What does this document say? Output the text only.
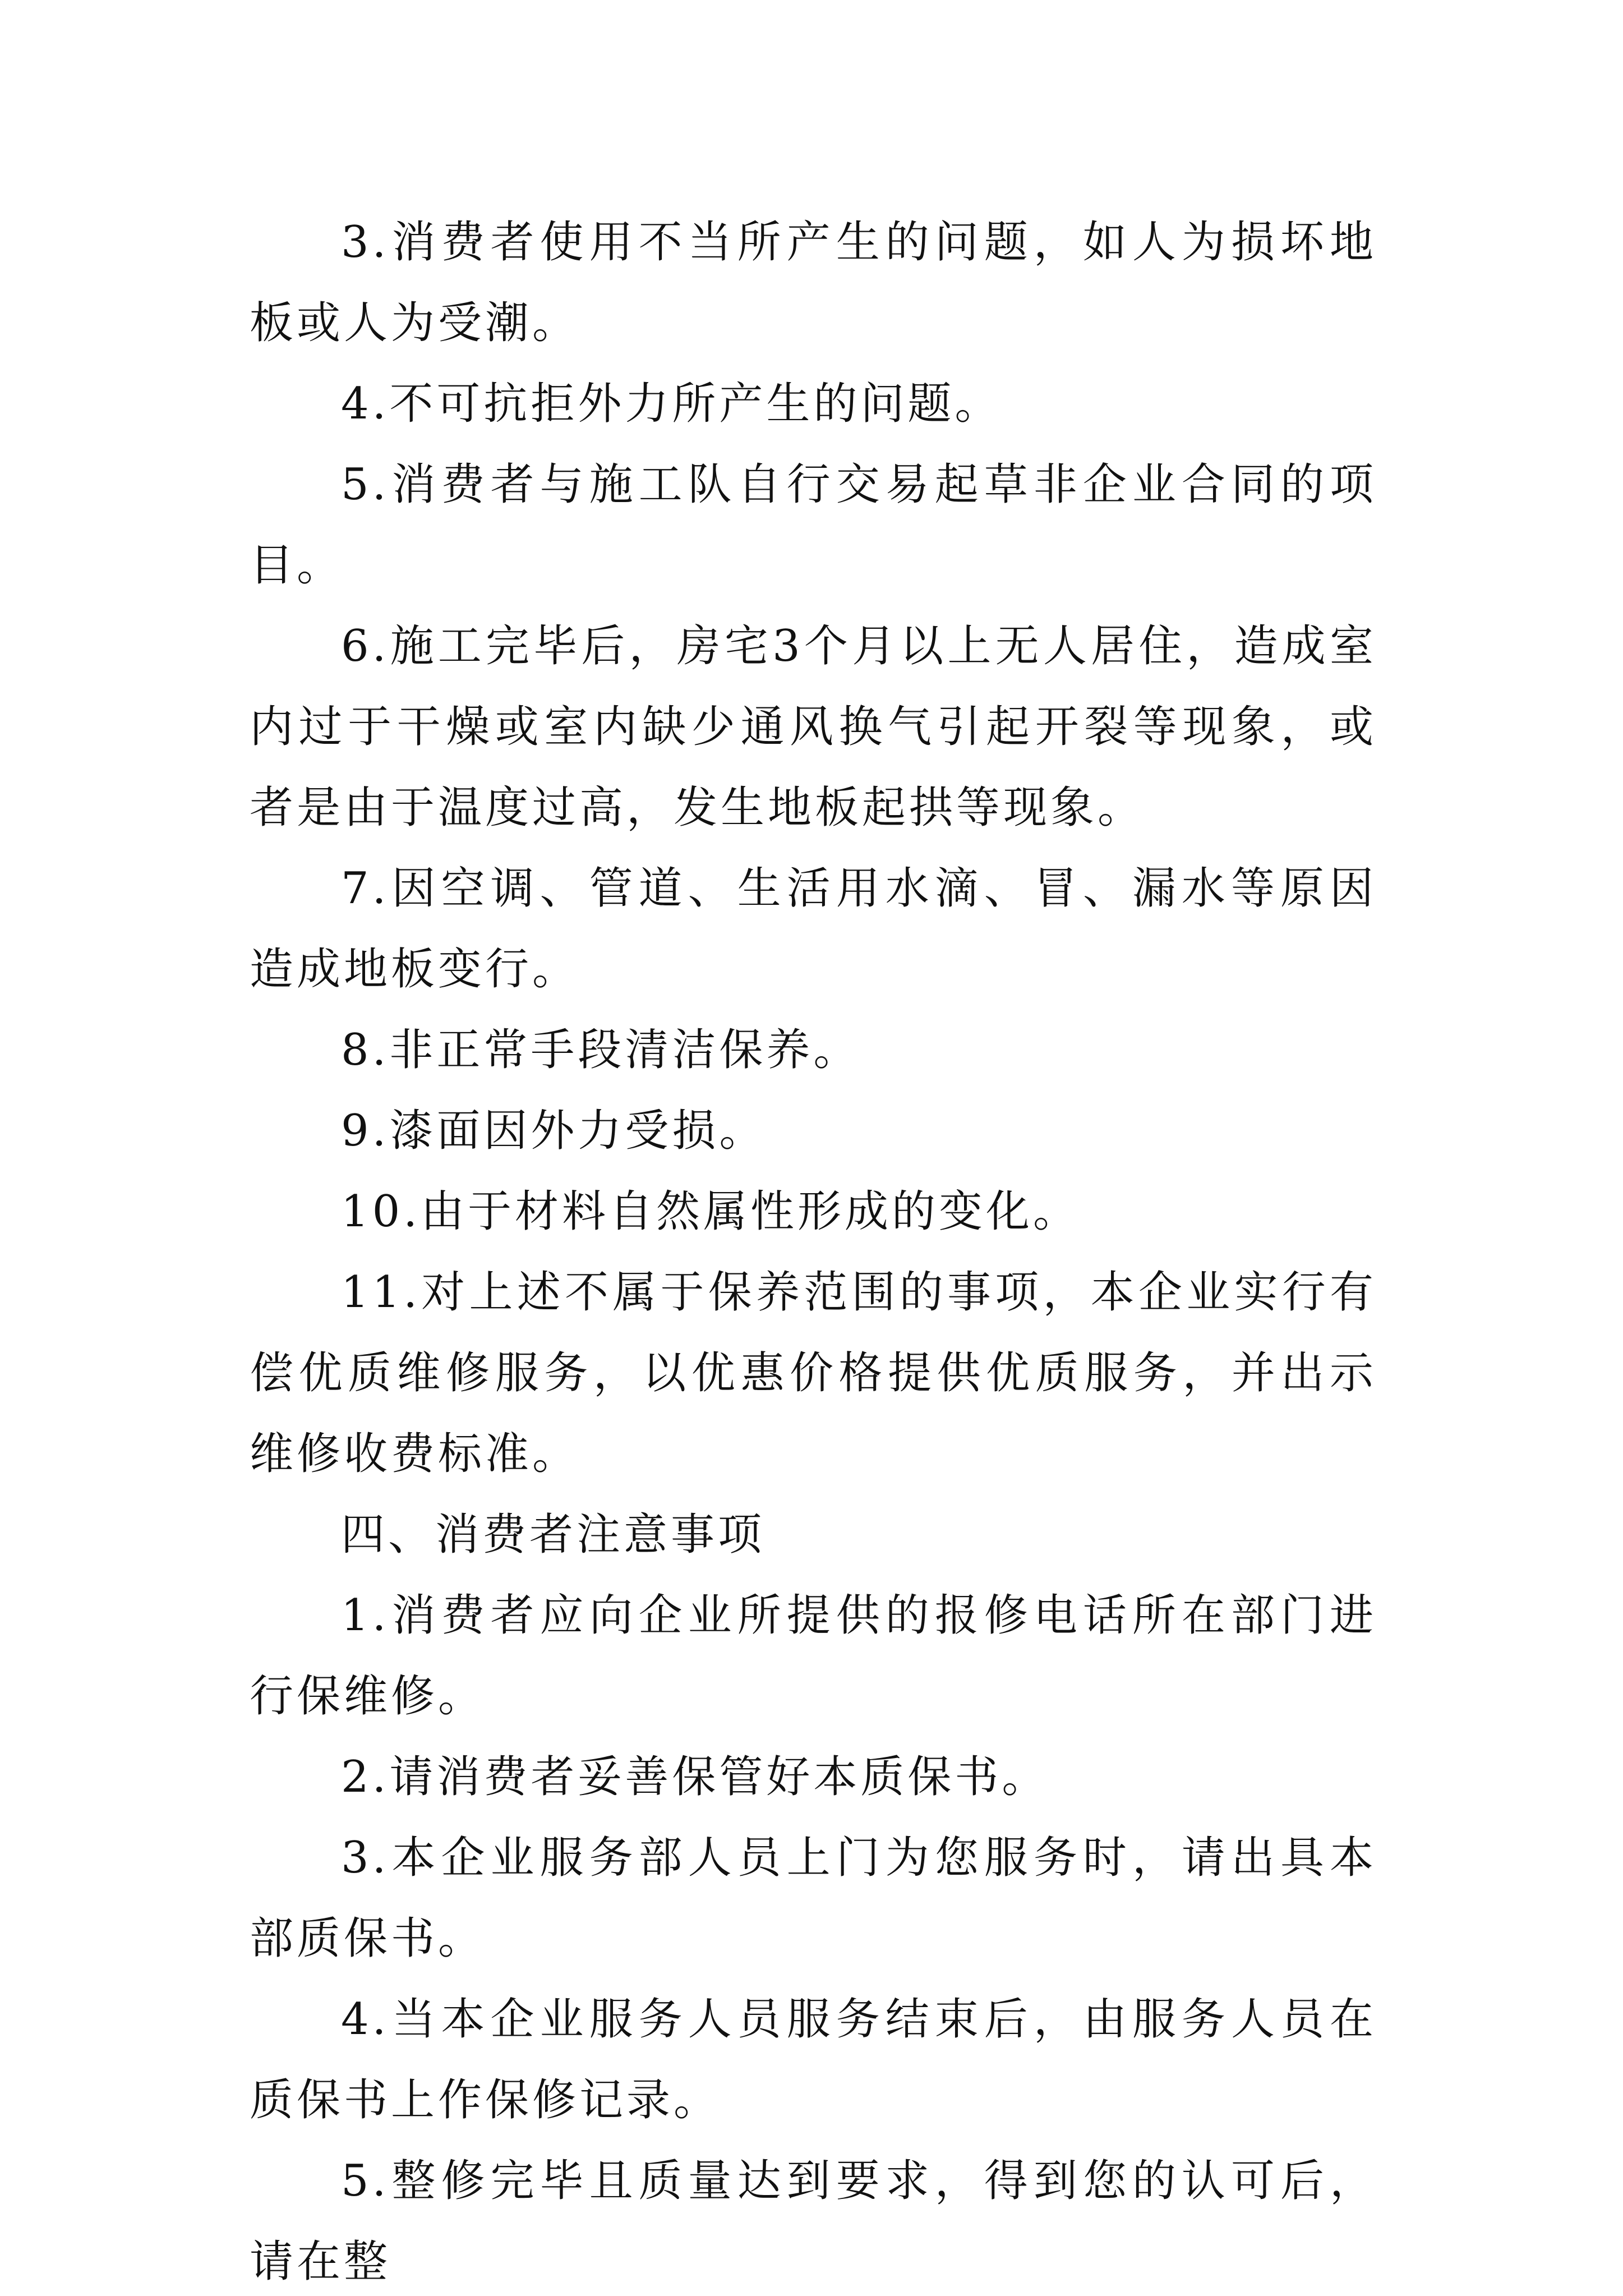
3.消费者使用不当所产生的问题，如人为损坏地板或人为受潮。

4.不可抗拒外力所产生的问题。

5.消费者与施工队自行交易起草非企业合同的项目。

6.施工完毕后，房宅3个月以上无人居住，造成室内过于干燥或室内缺少通风换气引起开裂等现象，或者是由于温度过高，发生地板起拱等现象。

7.因空调、管道、生活用水滴、冒、漏水等原因造成地板变行。

8.非正常手段清洁保养。

9.漆面因外力受损。

10.由于材料自然属性形成的变化。

11.对上述不属于保养范围的事项，本企业实行有偿优质维修服务，以优惠价格提供优质服务，并出示维修收费标准。

四、消费者注意事项

1.消费者应向企业所提供的报修电话所在部门进行保维修。

2.请消费者妥善保管好本质保书。

3.本企业服务部人员上门为您服务时，请出具本部质保书。

4.当本企业服务人员服务结束后，由服务人员在质保书上作保修记录。

5.整修完毕且质量达到要求，得到您的认可后，请在整
